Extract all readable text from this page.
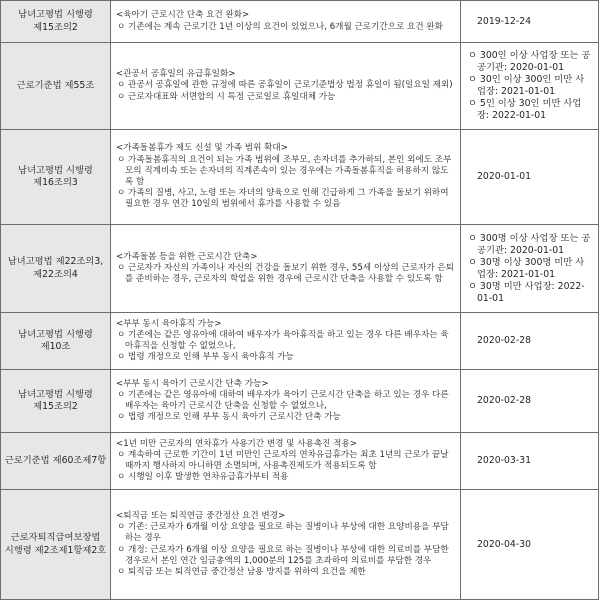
남녀고평법 시행령
제15조의2	<육아기 근로시간 단축 요건 완화>
ㅇ 기존에는 계속 근로기간 1년 이상의 요건이 있었으나, 6개월 근로기간으로 요건 완화	2019-12-24

근로기준법 제55조	<관공서 공휴일의 유급휴일화>
ㅇ 관공서 공휴일에 관한 규정에 따른 공휴일이 근로기준법상 법정 휴일이 됨(일요일 제외)
ㅇ 근로자대표와 서면합의 시 특정 근로일로 휴일대체 가능	ㅇ 300인 이상 사업장 또는 공공기관: 2020-01-01
ㅇ 30인 이상 300인 미만 사업장: 2021-01-01
ㅇ 5인 이상 30인 미만 사업장: 2022-01-01

남녀고평법 시행령
제16조의3	<가족돌봄휴가 제도 신설 및 가족 범위 확대>
ㅇ 가족돌봄휴직의 요건이 되는 가족 범위에 조부모, 손자녀를 추가하되, 본인 외에도 조부모의 직계비속 또는 손자녀의 직계존속이 있는 경우에는 가족돌봄휴직을 허용하지 않도록 함
ㅇ 가족의 질병, 사고, 노령 또는 자녀의 양육으로 인해 긴급하게 그 가족을 돌보기 위하여 필요한 경우 연간 10일의 범위에서 휴가를 사용할 수 있음	2020-01-01

남녀고평법 제22조의3,
제22조의4	<가족돌봄 등을 위한 근로시간 단축>
ㅇ 근로자가 자신의 가족이나 자신의 건강을 돌보기 위한 경우, 55세 이상의 근로자가 은퇴를 준비하는 경우, 근로자의 학업을 위한 경우에 근로시간 단축을 사용할 수 있도록 함	ㅇ 300명 이상 사업장 또는 공공기관: 2020-01-01
ㅇ 30명 이상 300명 미만 사업장: 2021-01-01
ㅇ 30명 미만 사업장: 2022-01-01

남녀고평법 시행령
제10조	<부부 동시 육아휴직 가능>
ㅇ 기존에는 같은 영유아에 대하여 배우자가 육아휴직을 하고 있는 경우 다른 배우자는 육아휴직을 신청할 수 없었으나,
ㅇ 법령 개정으로 인해 부부 동시 육아휴직 가능	2020-02-28

남녀고평법 시행령
제15조의2	<부부 동시 육아기 근로시간 단축 가능>
ㅇ 기존에는 같은 영유아에 대하여 배우자가 육아기 근로시간 단축을 하고 있는 경우 다른 배우자는 육아기 근로시간 단축을 신청할 수 없었으나,
ㅇ 법령 개정으로 인해 부부 동시 육아기 근로시간 단축 가능	2020-02-28

근로기준법 제60조제7항	<1년 미만 근로자의 연차휴가 사용기간 변경 및 사용촉진 적용>
ㅇ 계속하여 근로한 기간이 1년 미만인 근로자의 연차유급휴가는 최초 1년의 근로가 끝날 때까지 행사하지 아니하면 소멸되며, 사용촉진제도가 적용되도록 함
ㅇ 시행일 이후 발생한 연차유급휴가부터 적용	2020-03-31

근로자퇴직급여보장법
시행령 제2조제1항제2호	<퇴직금 또는 퇴직연금 중간정산 요건 변경>
ㅇ 기존: 근로자가 6개월 이상 요양을 필요로 하는 질병이나 부상에 대한 요양비용을 부담하는 경우
ㅇ 개정: 근로자가 6개월 이상 요양을 필요로 하는 질병이나 부상에 대한 의료비를 부담한 경우로서 본인 연간 임금총액의 1,000분의 125를 초과하여 의료비를 부담한 경우
ㅇ 퇴직금 또는 퇴직연금 중간정산 남용 방지를 위하여 요건을 제한	2020-04-30
